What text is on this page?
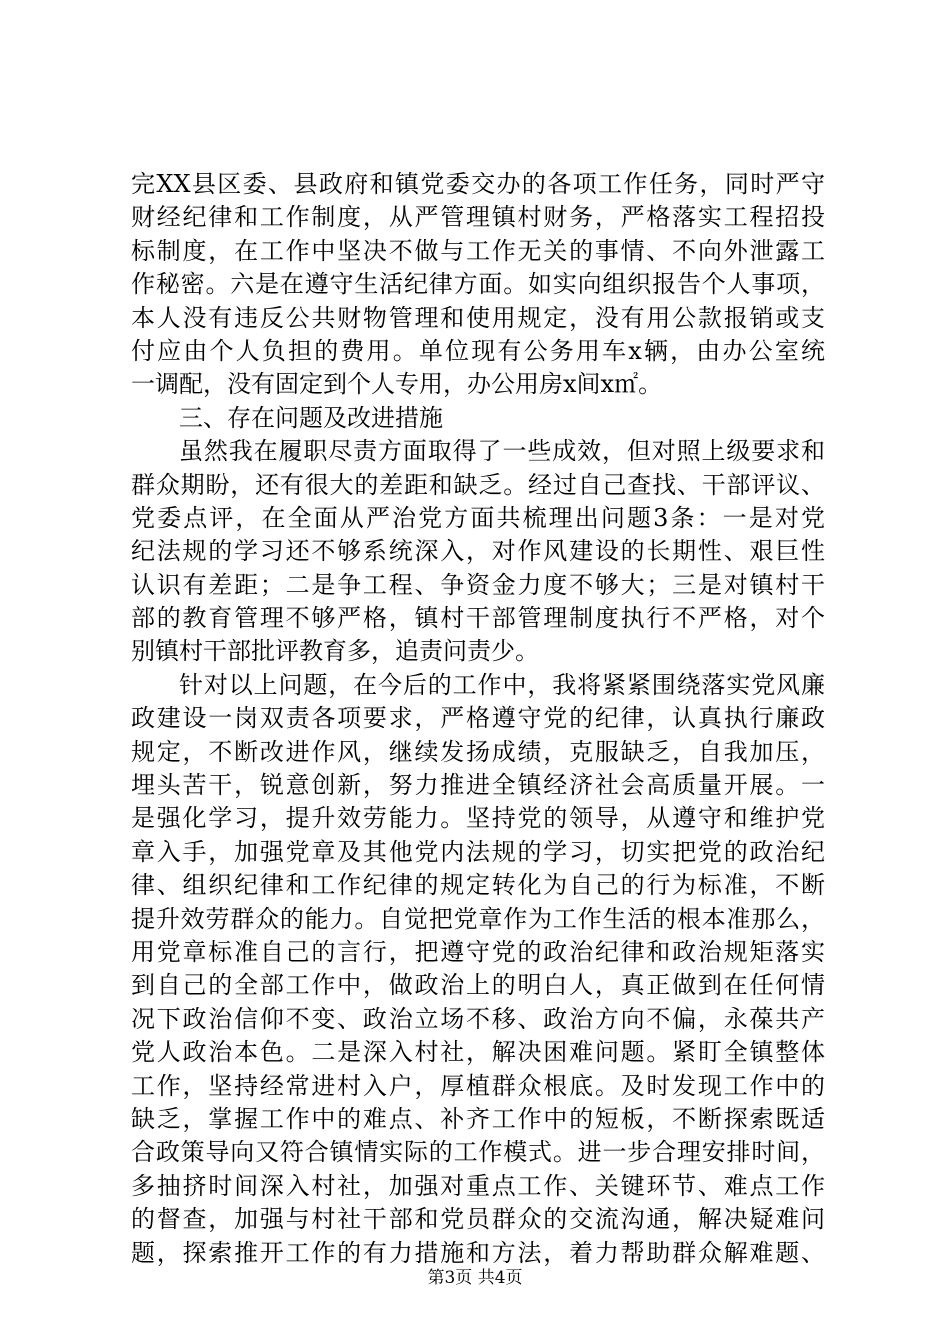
完XX县区委、县政府和镇党委交办的各项工作任务，同时严守
财经纪律和工作制度，从严管理镇村财务，严格落实工程招投
标制度，在工作中坚决不做与工作无关的事情、不向外泄露工
作秘密。六是在遵守生活纪律方面。如实向组织报告个人事项，
本人没有违反公共财物管理和使用规定，没有用公款报销或支
付应由个人负担的费用。单位现有公务用车x辆，由办公室统
一调配，没有固定到个人专用，办公用房x间x㎡。
三、存在问题及改进措施
虽然我在履职尽责方面取得了一些成效，但对照上级要求和
群众期盼，还有很大的差距和缺乏。经过自己查找、干部评议、
党委点评，在全面从严治党方面共梳理出问题3条：一是对党
纪法规的学习还不够系统深入，对作风建设的长期性、艰巨性
认识有差距；二是争工程、争资金力度不够大；三是对镇村干
部的教育管理不够严格，镇村干部管理制度执行不严格，对个
别镇村干部批评教育多，追责问责少。
针对以上问题，在今后的工作中，我将紧紧围绕落实党风廉
政建设一岗双责各项要求，严格遵守党的纪律，认真执行廉政
规定，不断改进作风，继续发扬成绩，克服缺乏，自我加压，
埋头苦干，锐意创新，努力推进全镇经济社会高质量开展。一
是强化学习，提升效劳能力。坚持党的领导，从遵守和维护党
章入手，加强党章及其他党内法规的学习，切实把党的政治纪
律、组织纪律和工作纪律的规定转化为自己的行为标准，不断
提升效劳群众的能力。自觉把党章作为工作生活的根本准那么，
用党章标准自己的言行，把遵守党的政治纪律和政治规矩落实
到自己的全部工作中，做政治上的明白人，真正做到在任何情
况下政治信仰不变、政治立场不移、政治方向不偏，永葆共产
党人政治本色。二是深入村社，解决困难问题。紧盯全镇整体
工作，坚持经常进村入户，厚植群众根底。及时发现工作中的
缺乏，掌握工作中的难点、补齐工作中的短板，不断探索既适
合政策导向又符合镇情实际的工作模式。进一步合理安排时间，
多抽挤时间深入村社，加强对重点工作、关键环节、难点工作
的督查，加强与村社干部和党员群众的交流沟通，解决疑难问
题，探索推开工作的有力措施和方法，着力帮助群众解难题、
第3页 共4页
